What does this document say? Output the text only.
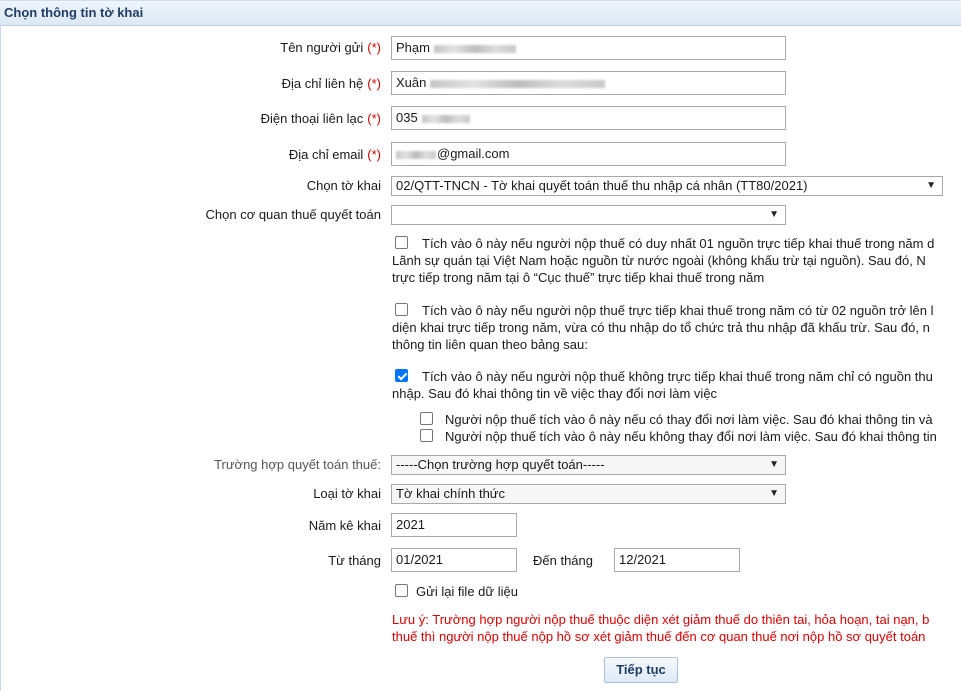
Chọn thông tin tờ khai
Tên người gửi (*)	Phạm
Địa chỉ liên hệ (*)	Xuân
Điện thoại liên lạc (*)	035
Địa chỉ email (*)	@gmail.com
Chọn tờ khai	02/QTT-TNCN - Tờ khai quyết toán thuế thu nhập cá nhân (TT80/2021)	▼
Chọn cơ quan thuế quyết toán	▼
Tích vào ô này nếu người nộp thuế có duy nhất 01 nguồn trực tiếp khai thuế trong năm d
Lãnh sự quán tại Việt Nam hoặc nguồn từ nước ngoài (không khấu trừ tại nguồn). Sau đó, N
trực tiếp trong năm tại ô “Cục thuế” trực tiếp khai thuế trong năm
Tích vào ô này nếu người nộp thuế trực tiếp khai thuế trong năm có từ 02 nguồn trở lên l
diện khai trực tiếp trong năm, vừa có thu nhập do tổ chức trả thu nhập đã khấu trừ. Sau đó, n
thông tin liên quan theo bảng sau:
Tích vào ô này nếu người nộp thuế không trực tiếp khai thuế trong năm chỉ có nguồn thu
nhập. Sau đó khai thông tin về việc thay đổi nơi làm việc
Người nộp thuế tích vào ô này nếu có thay đổi nơi làm việc. Sau đó khai thông tin và
Người nộp thuế tích vào ô này nếu không thay đổi nơi làm việc. Sau đó khai thông tin
Trường hợp quyết toán thuế:	-----Chọn trường hợp quyết toán-----	▼
Loại tờ khai	Tờ khai chính thức	▼
Năm kê khai	2021
Từ tháng	01/2021	Đến tháng	12/2021
Gửi lại file dữ liệu
Lưu ý: Trường hợp người nộp thuế thuộc diện xét giảm thuế do thiên tai, hỏa hoạn, tai nạn, b
thuế thì người nộp thuế nộp hồ sơ xét giảm thuế đến cơ quan thuế nơi nộp hồ sơ quyết toán
Tiếp tục
